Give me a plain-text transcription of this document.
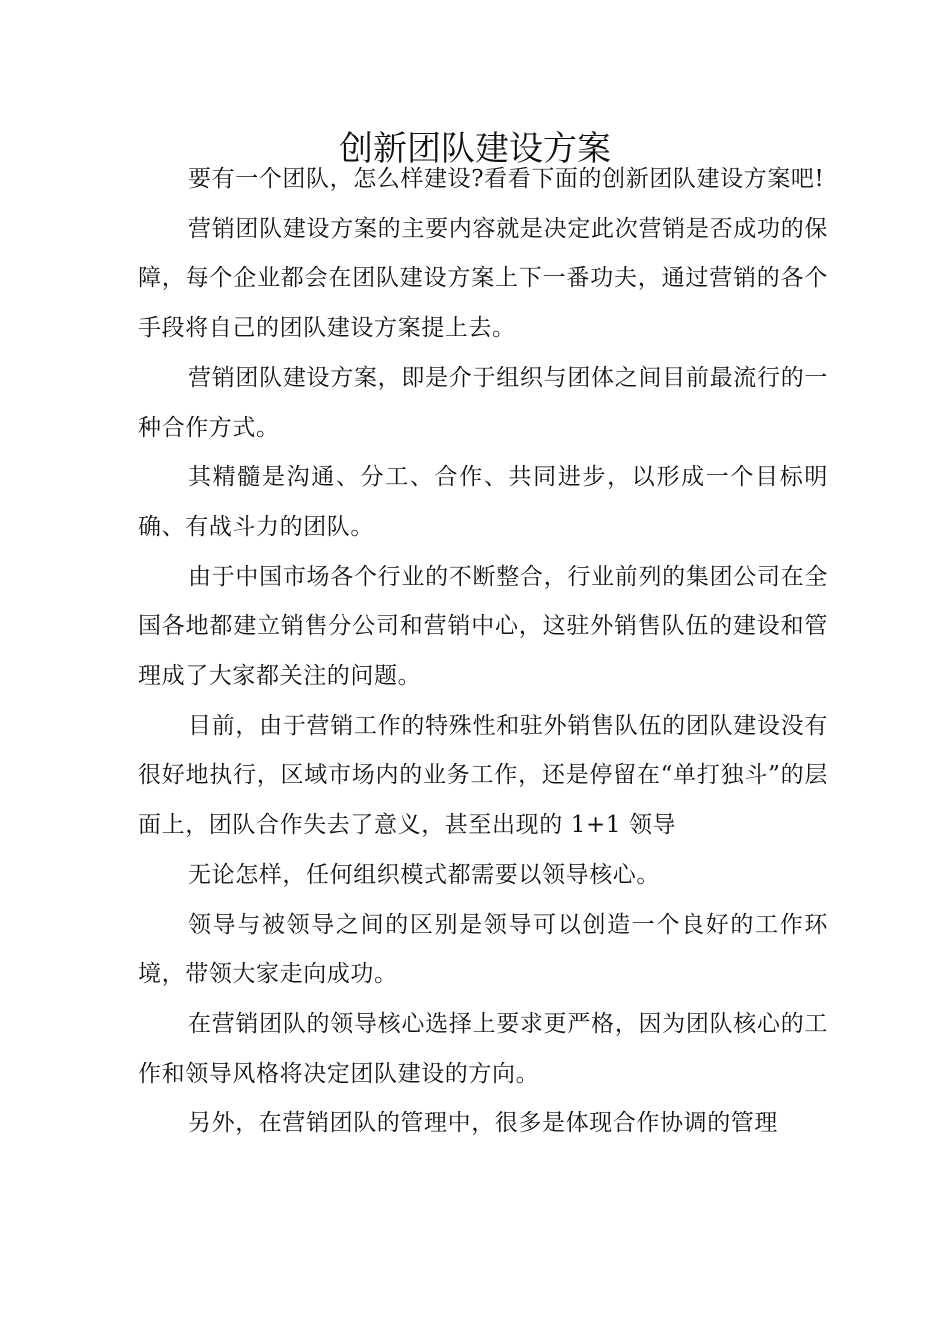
创新团队建设方案

要有一个团队，怎么样建设?看看下面的创新团队建设方案吧!

营销团队建设方案的主要内容就是决定此次营销是否成功的保障，每个企业都会在团队建设方案上下一番功夫，通过营销的各个手段将自己的团队建设方案提上去。

营销团队建设方案，即是介于组织与团体之间目前最流行的一种合作方式。

其精髓是沟通、分工、合作、共同进步，以形成一个目标明确、有战斗力的团队。

由于中国市场各个行业的不断整合，行业前列的集团公司在全国各地都建立销售分公司和营销中心，这驻外销售队伍的建设和管理成了大家都关注的问题。

目前，由于营销工作的特殊性和驻外销售队伍的团队建设没有很好地执行，区域市场内的业务工作，还是停留在“单打独斗”的层面上，团队合作失去了意义，甚至出现的 1+1 领导

无论怎样，任何组织模式都需要以领导核心。

领导与被领导之间的区别是领导可以创造一个良好的工作环境，带领大家走向成功。

在营销团队的领导核心选择上要求更严格，因为团队核心的工作和领导风格将决定团队建设的方向。

另外，在营销团队的管理中，很多是体现合作协调的管理
